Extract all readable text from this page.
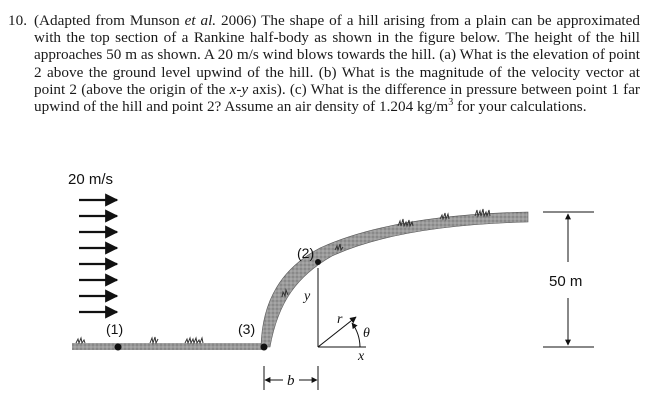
10. (Adapted from Munson et al. 2006) The shape of a hill arising from a plain can be approximated with the top section of a Rankine half-body as shown in the figure below. The height of the hill approaches 50 m as shown. A 20 m/s wind blows towards the hill. (a) What is the elevation of point 2 above the ground level upwind of the hill. (b) What is the magnitude of the velocity vector at point 2 (above the origin of the x-y axis). (c) What is the difference in pressure between point 1 far upwind of the hill and point 2? Assume an air density of 1.204 $kg/m^3$ for your calculations.
20 m/s
(1)	(3)
(2)
y
x
r
θ
b
50 m
